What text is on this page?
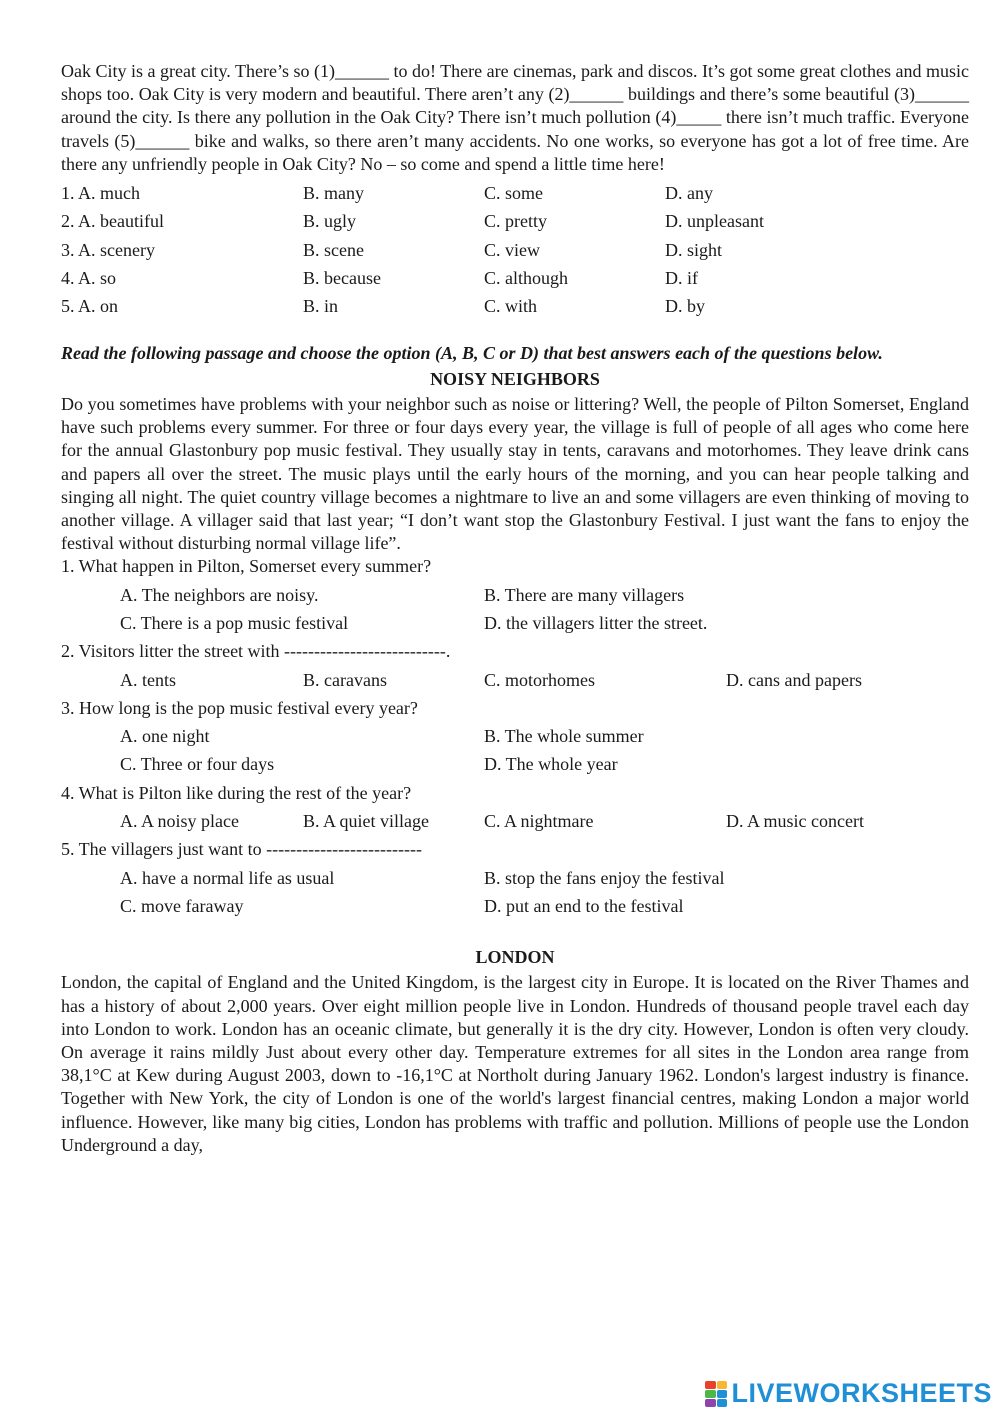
Oak City is a great city. There’s so (1)______ to do! There are cinemas, park and discos. It’s got some great clothes and music shops too. Oak City is very modern and beautiful. There aren’t any (2)______ buildings and there’s some beautiful (3)______ around the city. Is there any pollution in the Oak City? There isn’t much pollution (4)_____ there isn’t much traffic. Everyone travels (5)______ bike and walks, so there aren’t many accidents. No one works, so everyone has got a lot of free time. Are there any unfriendly people in Oak City? No – so come and spend a little time here!

1. A. much	B. many	C. some	D. any
2. A. beautiful	B. ugly	C. pretty	D. unpleasant
3. A. scenery	B. scene	C. view	D. sight
4. A. so	B. because	C. although	D. if
5. A. on	B. in	C. with	D. by
Read the following passage and choose the option (A, B, C or D) that best answers each of the questions below.
NOISY NEIGHBORS

Do you sometimes have problems with your neighbor such as noise or littering? Well, the people of Pilton Somerset, England have such problems every summer. For three or four days every year, the village is full of people of all ages who come here for the annual Glastonbury pop music festival. They usually stay in tents, caravans and motorhomes. They leave drink cans and papers all over the street. The music plays until the early hours of the morning, and you can hear people talking and singing all night. The quiet country village becomes a nightmare to live an and some villagers are even thinking of moving to another village. A villager said that last year; “I don’t want stop the Glastonbury Festival. I just want the fans to enjoy the festival without disturbing normal village life”.

1. What happen in Pilton, Somerset every summer?
A. The neighbors are noisy.	B. There are many villagers
C. There is a pop music festival	D. the villagers litter the street.
2. Visitors litter the street with ---------------------------.
A. tents	B. caravans	C. motorhomes	D. cans and papers
3. How long is the pop music festival every year?
A. one night	B. The whole summer
C. Three or four days	D. The whole year
4. What is Pilton like during the rest of the year?
A. A noisy place	B. A quiet village	C. A nightmare	D. A music concert
5. The villagers just want to --------------------------
A. have a normal life as usual	B. stop the fans enjoy the festival
C. move faraway	D. put an end to the festival
LONDON

London, the capital of England and the United Kingdom, is the largest city in Europe. It is located on the River Thames and has a history of about 2,000 years. Over eight million people live in London. Hundreds of thousand people travel each day into London to work. London has an oceanic climate, but generally it is the dry city. However, London is often very cloudy. On average it rains mildly Just about every other day. Temperature extremes for all sites in the London area range from 38,1°C at Kew during August 2003, down to -16,1°C at Northolt during January 1962. London's largest industry is finance. Together with New York, the city of London is one of the world's largest financial centres, making London a major world influence. However, like many big cities, London has problems with traffic and pollution. Millions of people use the London Underground a day,

LIVEWORKSHEETS
